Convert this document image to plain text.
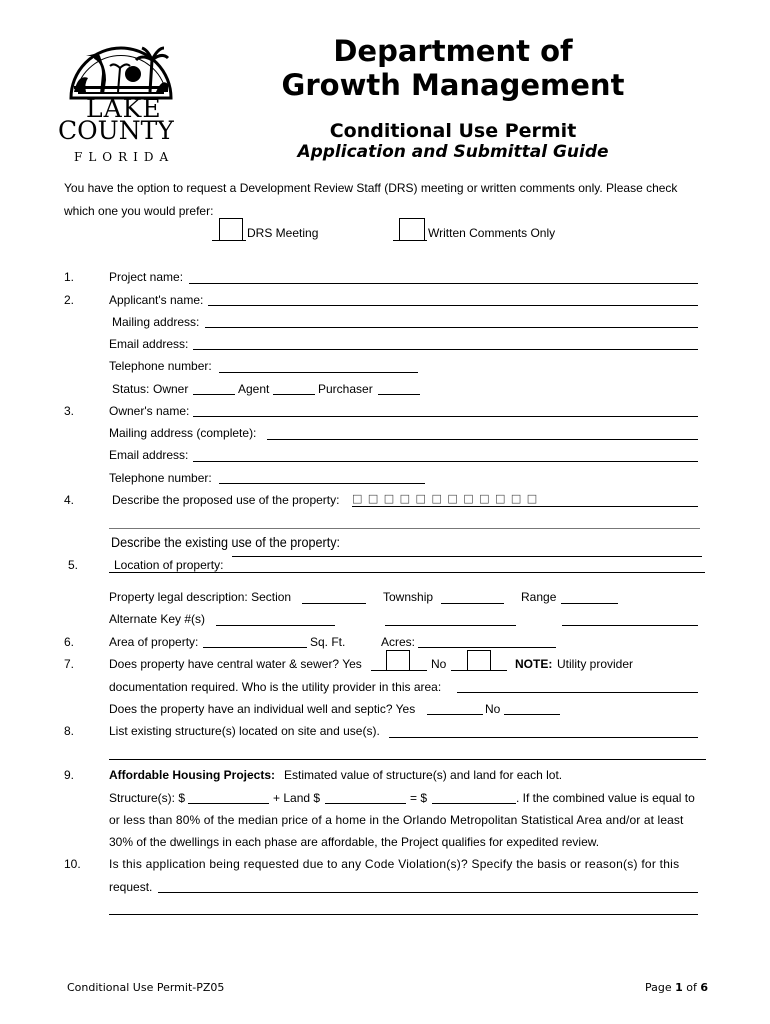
LAKE
COUNTY
FLORIDA
Department of
Growth Management
Conditional Use Permit
Application and Submittal Guide
You have the option to request a Development Review Staff (DRS) meeting or written comments only. Please check
which one you would prefer:
DRS Meeting	Written Comments Only
1.	Project name:
2.	Applicant's name:
Mailing address:
Email address:
Telephone number:
Status: Owner	Agent	Purchaser
3.	Owner's name:
Mailing address (complete):
Email address:
Telephone number:
4.	Describe the proposed use of the property: □ □ □ □ □ □ □ □ □ □ □ □
Describe the existing use of the property:
5.	Location of property:
Property legal description: Section	Township	Range
Alternate Key #(s)
6.	Area of property:	Sq. Ft.	Acres:
7.	Does property have central water & sewer? Yes	No	NOTE: Utility provider
documentation required. Who is the utility provider in this area:
Does the property have an individual well and septic? Yes	No
8.	List existing structure(s) located on site and use(s).
9.	Affordable Housing Projects: Estimated value of structure(s) and land for each lot.
Structure(s): $	+ Land $	= $	. If the combined value is equal to
or less than 80% of the median price of a home in the Orlando Metropolitan Statistical Area and/or at least
30% of the dwellings in each phase are affordable, the Project qualifies for expedited review.
10. Is this application being requested due to any Code Violation(s)? Specify the basis or reason(s) for this
request.
Conditional Use Permit-PZ05	Page 1 of 6
